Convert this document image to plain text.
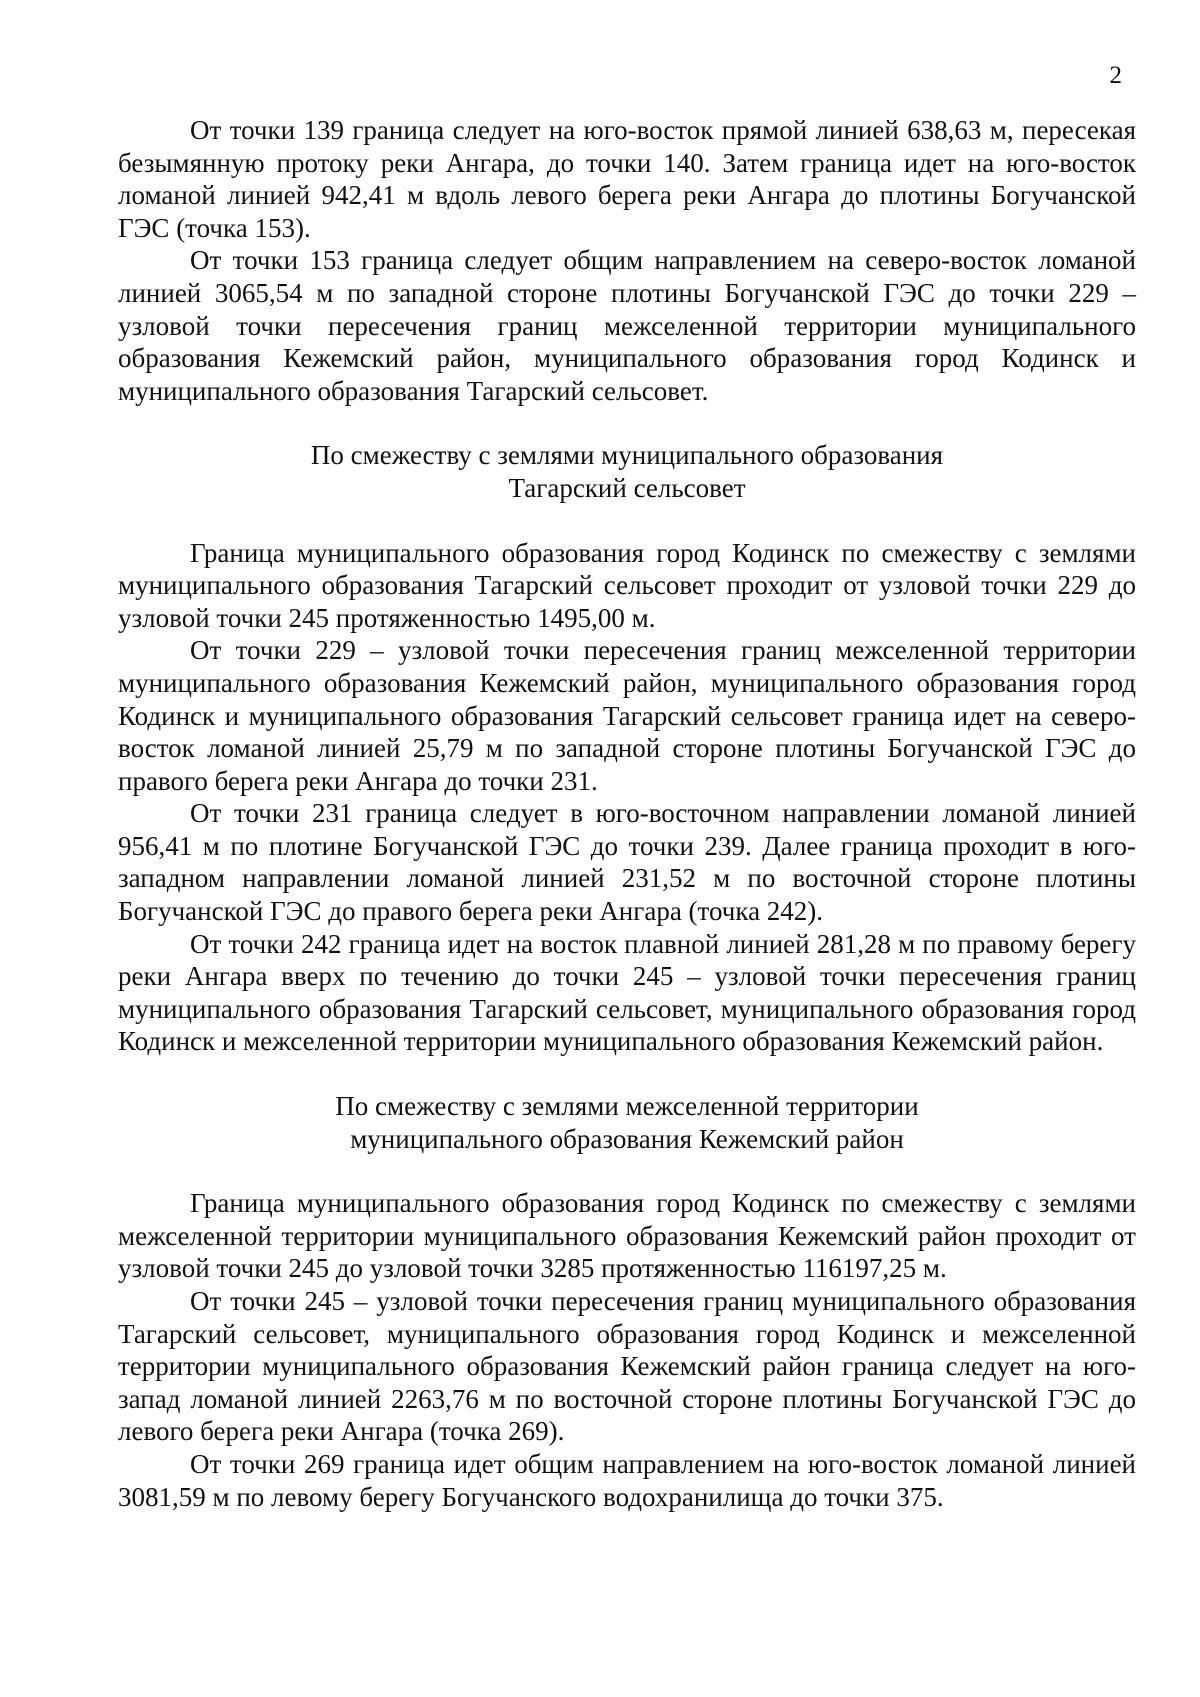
2

От точки 139 граница следует на юго-восток прямой линией 638,63 м, пересекая безымянную протоку реки Ангара, до точки 140. Затем граница идет на юго-восток ломаной линией 942,41 м вдоль левого берега реки Ангара до плотины Богучанской ГЭС (точка 153).

От точки 153 граница следует общим направлением на северо-восток ломаной линией 3065,54 м по западной стороне плотины Богучанской ГЭС до точки 229 – узловой точки пересечения границ межселенной территории муниципального образования Кежемский район, муниципального образования город Кодинск и муниципального образования Тагарский сельсовет.

По смежеству с землями муниципального образования
Тагарский сельсовет

Граница муниципального образования город Кодинск по смежеству с землями муниципального образования Тагарский сельсовет проходит от узловой точки 229 до узловой точки 245 протяженностью 1495,00 м.

От точки 229 – узловой точки пересечения границ межселенной территории муниципального образования Кежемский район, муниципального образования город Кодинск и муниципального образования Тагарский сельсовет граница идет на северо-восток ломаной линией 25,79 м по западной стороне плотины Богучанской ГЭС до правого берега реки Ангара до точки 231.

От точки 231 граница следует в юго-восточном направлении ломаной линией 956,41 м по плотине Богучанской ГЭС до точки 239. Далее граница проходит в юго-западном направлении ломаной линией 231,52 м по восточной стороне плотины Богучанской ГЭС до правого берега реки Ангара (точка 242).

От точки 242 граница идет на восток плавной линией 281,28 м по правому берегу реки Ангара вверх по течению до точки 245 – узловой точки пересечения границ муниципального образования Тагарский сельсовет, муниципального образования город Кодинск и межселенной территории муниципального образования Кежемский район.

По смежеству с землями межселенной территории
муниципального образования Кежемский район

Граница муниципального образования город Кодинск по смежеству с землями межселенной территории муниципального образования Кежемский район проходит от узловой точки 245 до узловой точки 3285 протяженностью 116197,25 м.

От точки 245 – узловой точки пересечения границ муниципального образования Тагарский сельсовет, муниципального образования город Кодинск и межселенной территории муниципального образования Кежемский район граница следует на юго-запад ломаной линией 2263,76 м по восточной стороне плотины Богучанской ГЭС до левого берега реки Ангара (точка 269).

От точки 269 граница идет общим направлением на юго-восток ломаной линией 3081,59 м по левому берегу Богучанского водохранилища до точки 375.
